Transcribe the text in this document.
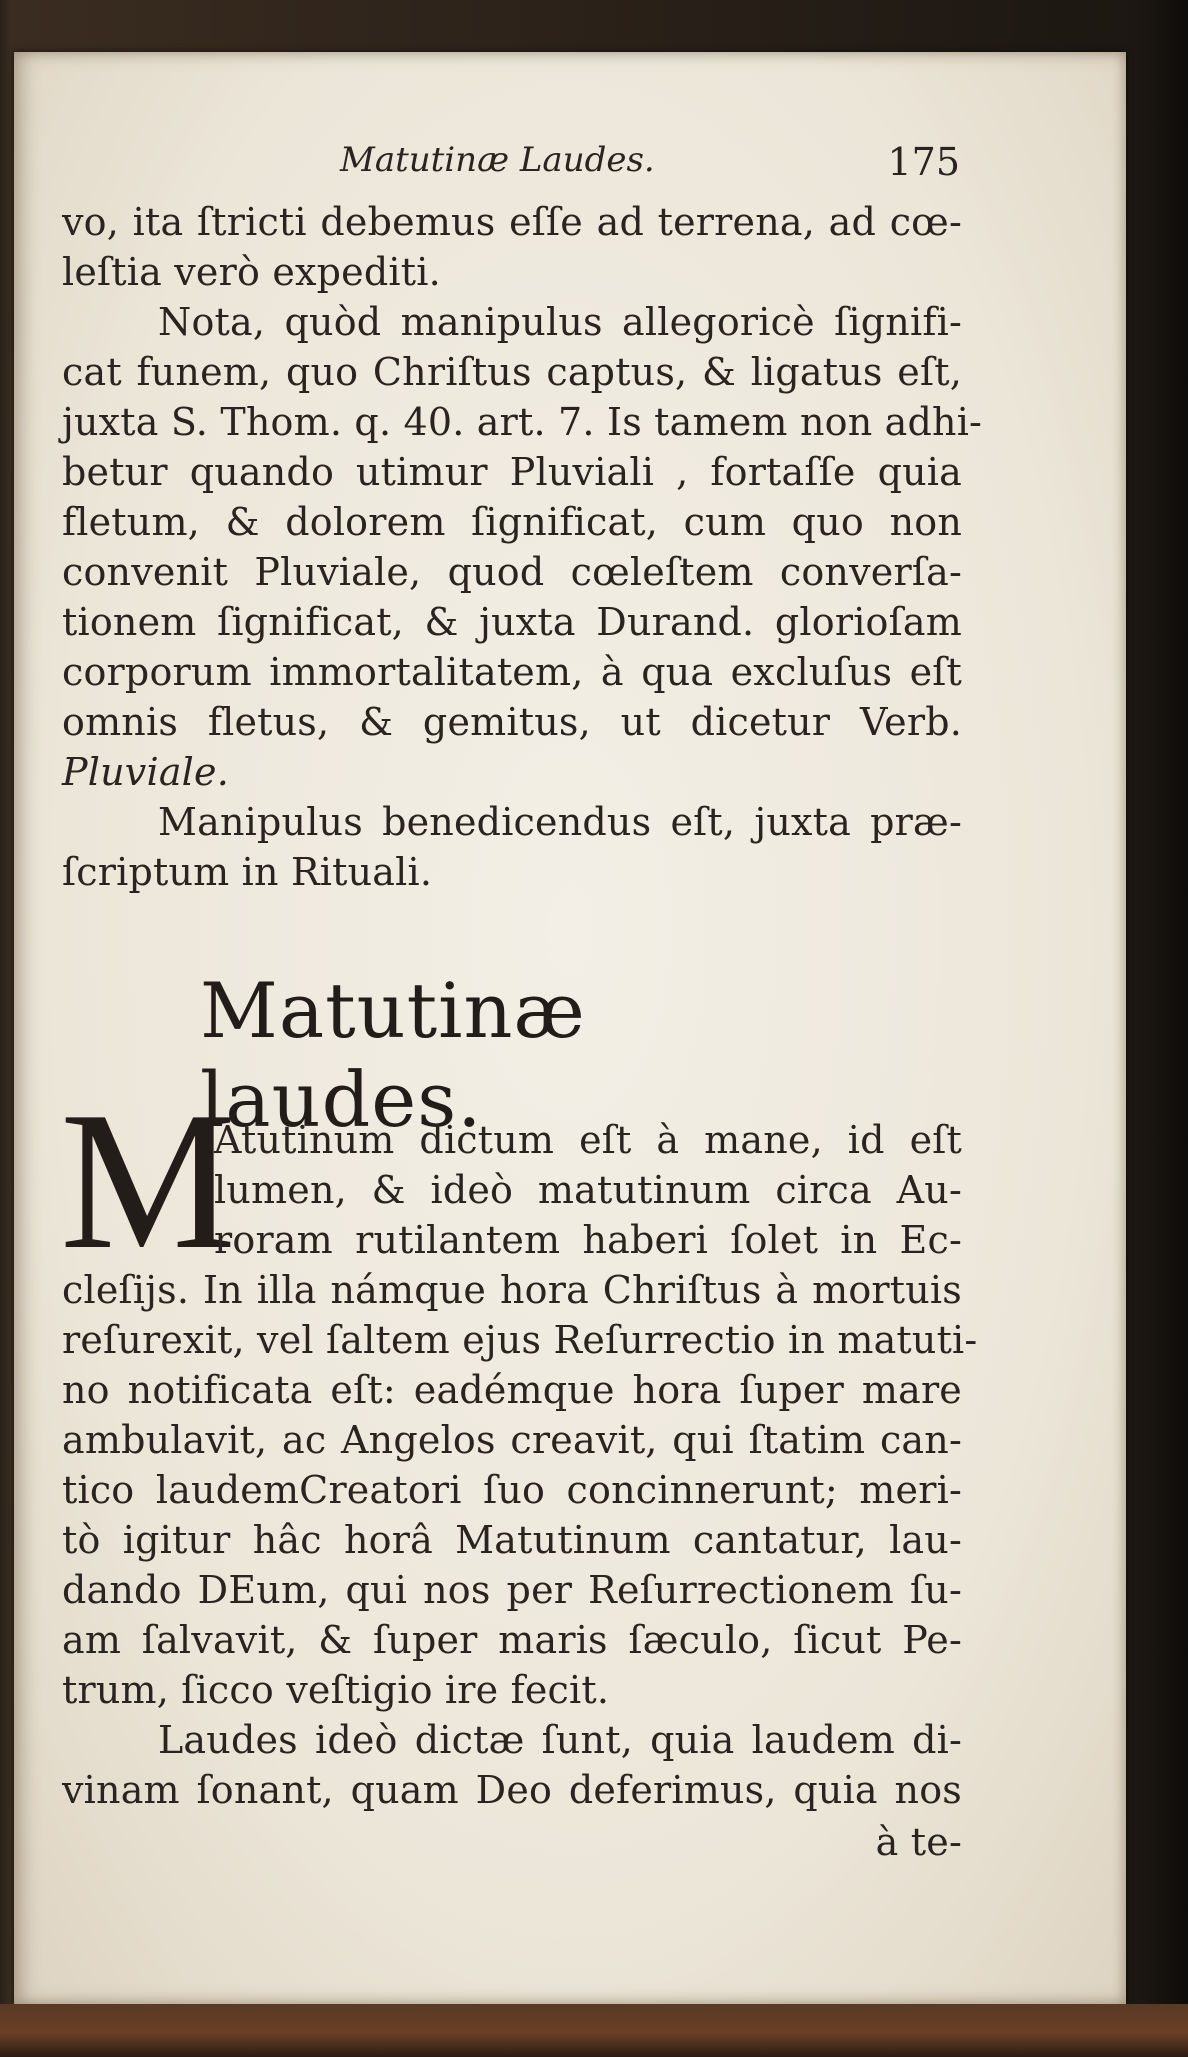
Matutinæ Laudes.	175
vo, ita ſtricti debemus eſſe ad terrena, ad cœ-
leſtia verò expediti.
Nota, quòd manipulus allegoricè ſignifi-
cat funem, quo Chriſtus captus, & ligatus eſt,
juxta S. Thom. q. 40. art. 7. Is tamem non adhi-
betur quando utimur Pluviali , fortaſſe quia
fletum, & dolorem ſignificat, cum quo non
convenit Pluviale, quod cœleſtem converſa-
tionem ſignificat, & juxta Durand. glorioſam
corporum immortalitatem, à qua excluſus eſt
omnis fletus, & gemitus, ut dicetur Verb.
Pluviale.
Manipulus benedicendus eſt, juxta præ-
ſcriptum in Rituali.
Matutinæ laudes.
M
Atutinum dictum eſt à mane, id eſt
lumen, & ideò matutinum circa Au-
roram rutilantem haberi ſolet in Ec-
cleſijs. In illa námque hora Chriſtus à mortuis
reſurexit, vel ſaltem ejus Reſurrectio in matuti-
no notificata eſt: eadémque hora ſuper mare
ambulavit, ac Angelos creavit, qui ſtatim can-
tico laudemCreatori ſuo concinnerunt; meri-
tò igitur hâc horâ Matutinum cantatur, lau-
dando DEum, qui nos per Reſurrectionem ſu-
am ſalvavit, & ſuper maris ſæculo, ſicut Pe-
trum, ſicco veſtigio ire fecit.
Laudes ideò dictæ ſunt, quia laudem di-
vinam ſonant, quam Deo deferimus, quia nos
à te-
